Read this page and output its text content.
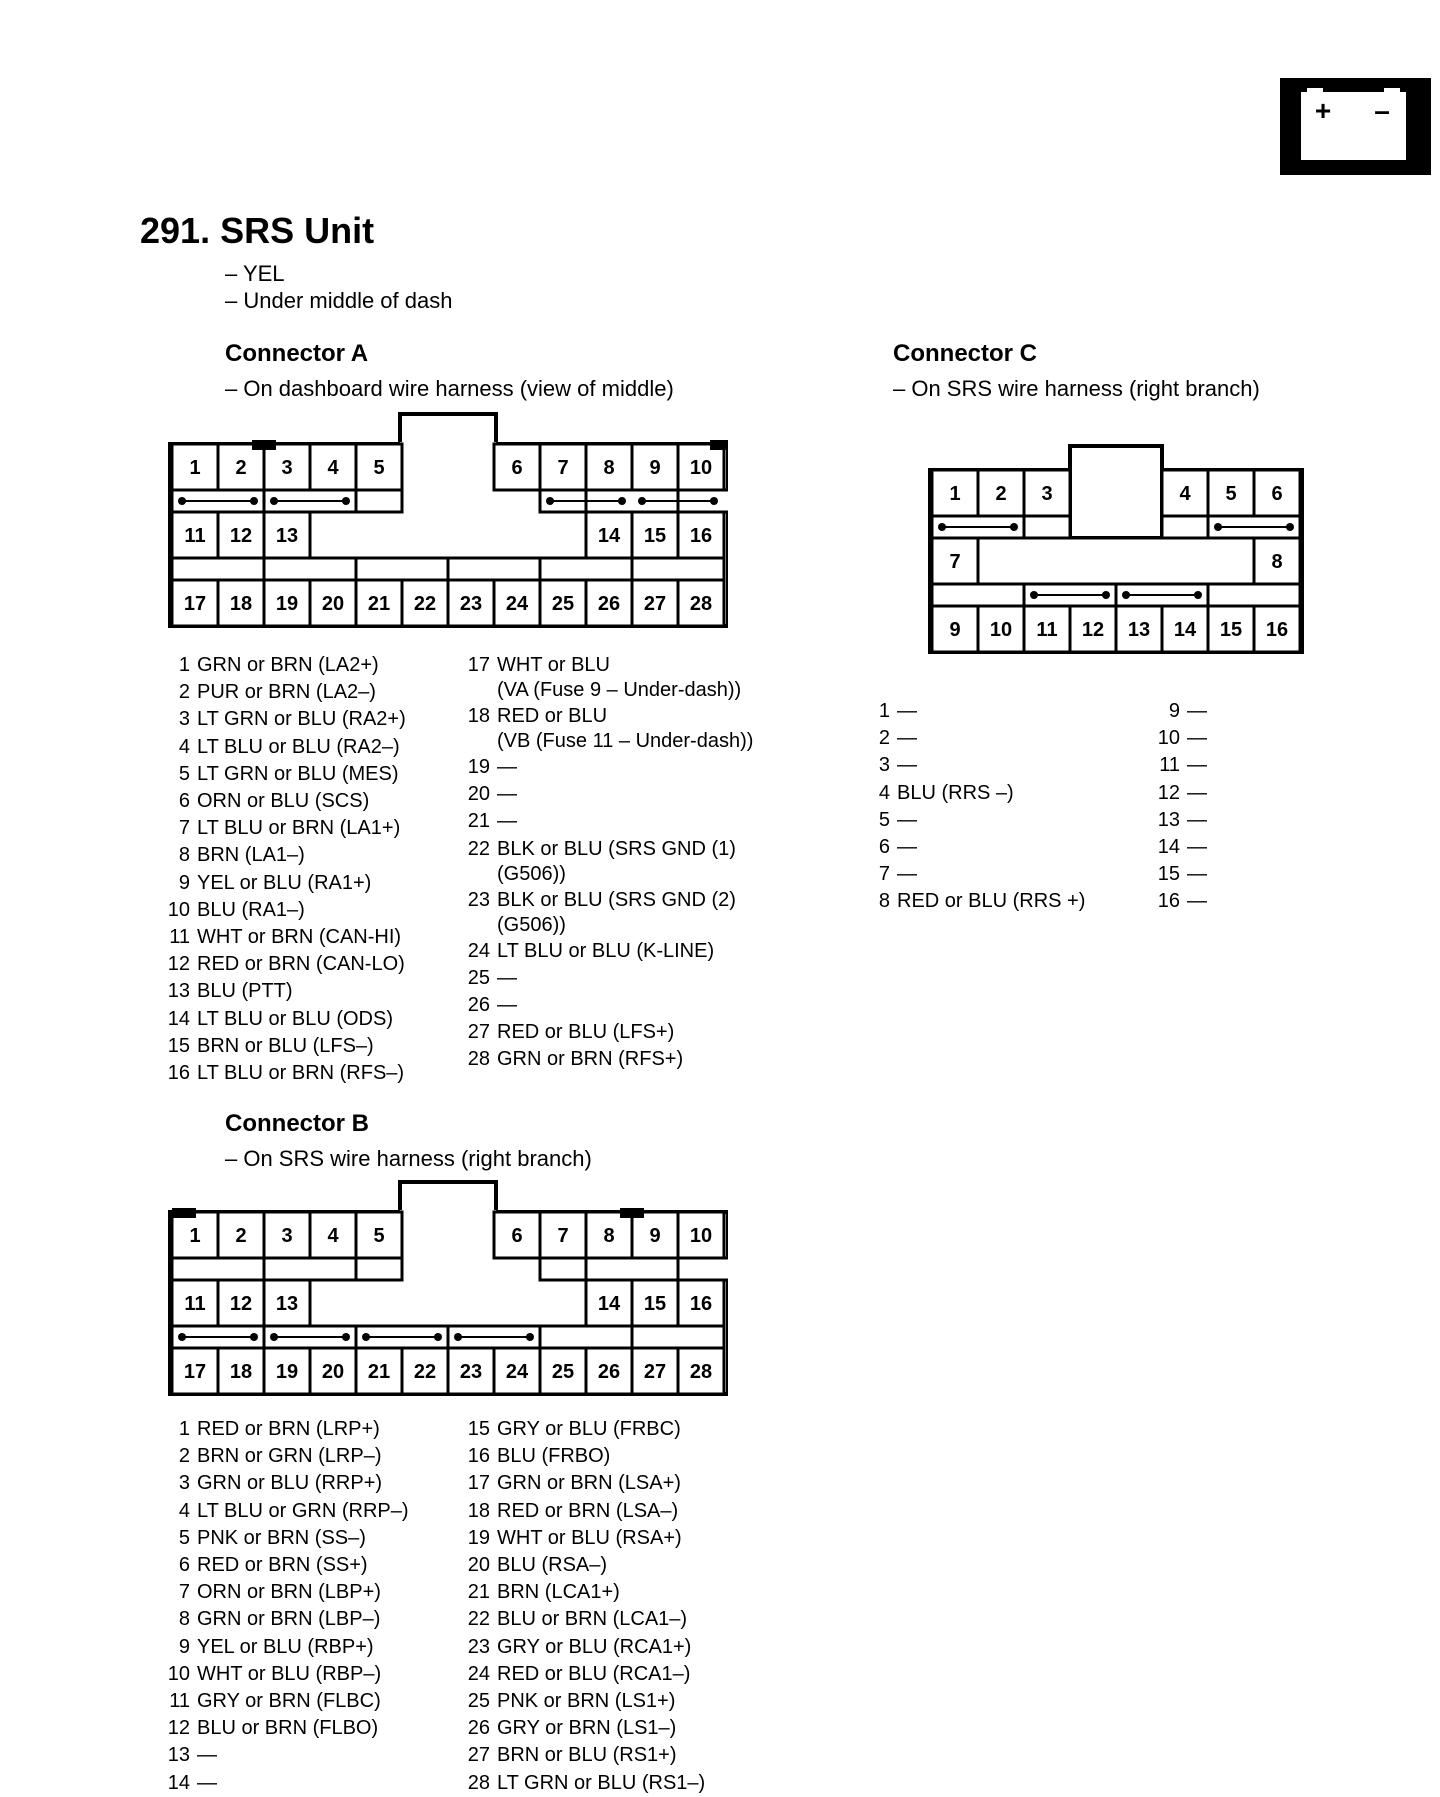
+ –
291. SRS Unit
– YEL
– Under middle of dash
Connector A
– On dashboard wire harness (view of middle)
1 2 3 4 5	6 7 8 9 10
11 12 13	14 15 16
17 18 19 20 21 22 23 24 25 26 27 28
1 GRN or BRN (LA2+)
2 PUR or BRN (LA2–)
3 LT GRN or BLU (RA2+)
4 LT BLU or BLU (RA2–)
5 LT GRN or BLU (MES)
6 ORN or BLU (SCS)
7 LT BLU or BRN (LA1+)
8 BRN (LA1–)
9 YEL or BLU (RA1+)
10 BLU (RA1–)
11 WHT or BRN (CAN-HI)
12 RED or BRN (CAN-LO)
13 BLU (PTT)
14 LT BLU or BLU (ODS)
15 BRN or BLU (LFS–)
16 LT BLU or BRN (RFS–)
17 WHT or BLU
(VA (Fuse 9 – Under-dash))
18 RED or BLU
(VB (Fuse 11 – Under-dash))
19 —
20 —
21 —
22 BLK or BLU (SRS GND (1)
(G506))
23 BLK or BLU (SRS GND (2)
(G506))
24 LT BLU or BLU (K-LINE)
25 —
26 —
27 RED or BLU (LFS+)
28 GRN or BRN (RFS+)
Connector B
– On SRS wire harness (right branch)
1 2 3 4 5	6 7 8 9 10
11 12 13	14 15 16
17 18 19 20 21 22 23 24 25 26 27 28
1 RED or BRN (LRP+)
2 BRN or GRN (LRP–)
3 GRN or BLU (RRP+)
4 LT BLU or GRN (RRP–)
5 PNK or BRN (SS–)
6 RED or BRN (SS+)
7 ORN or BRN (LBP+)
8 GRN or BRN (LBP–)
9 YEL or BLU (RBP+)
10 WHT or BLU (RBP–)
11 GRY or BRN (FLBC)
12 BLU or BRN (FLBO)
13 —
14 —
15 GRY or BLU (FRBC)
16 BLU (FRBO)
17 GRN or BRN (LSA+)
18 RED or BRN (LSA–)
19 WHT or BLU (RSA+)
20 BLU (RSA–)
21 BRN (LCA1+)
22 BLU or BRN (LCA1–)
23 GRY or BLU (RCA1+)
24 RED or BLU (RCA1–)
25 PNK or BRN (LS1+)
26 GRY or BRN (LS1–)
27 BRN or BLU (RS1+)
28 LT GRN or BLU (RS1–)
Connector C
– On SRS wire harness (right branch)
1 2 3	4 5 6
7	8
9 10 11 12 13 14 15 16
1 —
2 —
3 —
4 BLU (RRS –)
5 —
6 —
7 —
8 RED or BLU (RRS +)
9 —
10 —
11 —
12 —
13 —
14 —
15 —
16 —
